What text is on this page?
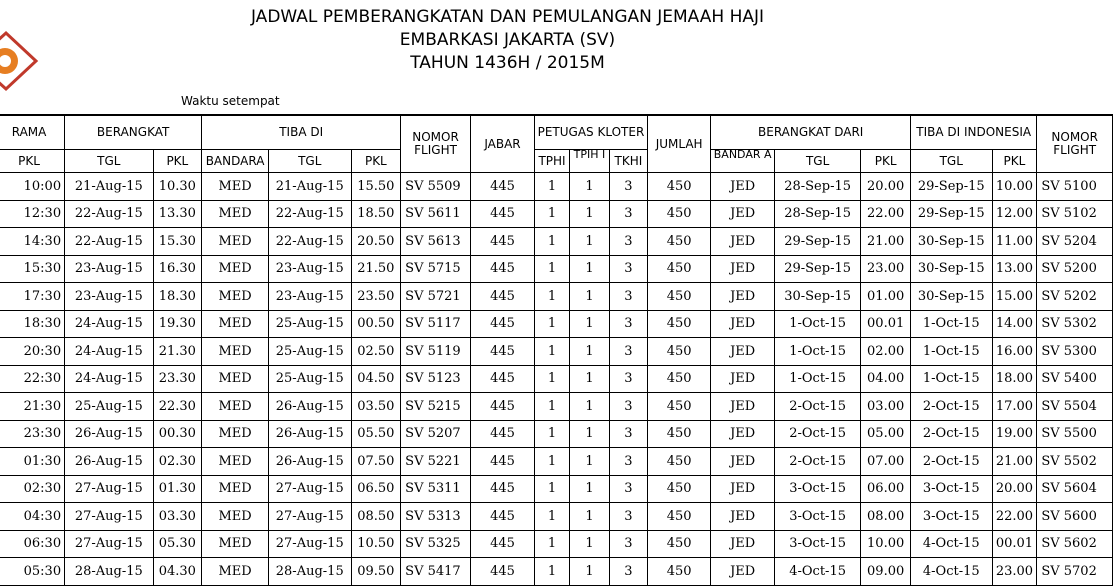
JADWAL PEMBERANGKATAN DAN PEMULANGAN JEMAAH HAJI
EMBARKASI JAKARTA (SV)
TAHUN 1436H / 2015M
Waktu setempat
RAMA	BERANGKAT		TIBA DI			NOMOR FLIGHT	JABAR	PETUGAS KLOTER			JUMLAH	BERANGKAT DARI			TIBA DI INDONESIA		NOMOR FLIGHT
PKL	TGL	PKL	BANDARA	TGL	PKL			TPHI	TPIH I	TKHI		BANDAR A	TGL	PKL	TGL	PKL	
10:00	21-Aug-15	10.30	MED	21-Aug-15	15.50	SV 5509	445	1	1	3	450	JED	28-Sep-15	20.00	29-Sep-15	10.00	SV 5100
12:30	22-Aug-15	13.30	MED	22-Aug-15	18.50	SV 5611	445	1	1	3	450	JED	28-Sep-15	22.00	29-Sep-15	12.00	SV 5102
14:30	22-Aug-15	15.30	MED	22-Aug-15	20.50	SV 5613	445	1	1	3	450	JED	29-Sep-15	21.00	30-Sep-15	11.00	SV 5204
15:30	23-Aug-15	16.30	MED	23-Aug-15	21.50	SV 5715	445	1	1	3	450	JED	29-Sep-15	23.00	30-Sep-15	13.00	SV 5200
17:30	23-Aug-15	18.30	MED	23-Aug-15	23.50	SV 5721	445	1	1	3	450	JED	30-Sep-15	01.00	30-Sep-15	15.00	SV 5202
18:30	24-Aug-15	19.30	MED	25-Aug-15	00.50	SV 5117	445	1	1	3	450	JED	1-Oct-15	00.01	1-Oct-15	14.00	SV 5302
20:30	24-Aug-15	21.30	MED	25-Aug-15	02.50	SV 5119	445	1	1	3	450	JED	1-Oct-15	02.00	1-Oct-15	16.00	SV 5300
22:30	24-Aug-15	23.30	MED	25-Aug-15	04.50	SV 5123	445	1	1	3	450	JED	1-Oct-15	04.00	1-Oct-15	18.00	SV 5400
21:30	25-Aug-15	22.30	MED	26-Aug-15	03.50	SV 5215	445	1	1	3	450	JED	2-Oct-15	03.00	2-Oct-15	17.00	SV 5504
23:30	26-Aug-15	00.30	MED	26-Aug-15	05.50	SV 5207	445	1	1	3	450	JED	2-Oct-15	05.00	2-Oct-15	19.00	SV 5500
01:30	26-Aug-15	02.30	MED	26-Aug-15	07.50	SV 5221	445	1	1	3	450	JED	2-Oct-15	07.00	2-Oct-15	21.00	SV 5502
02:30	27-Aug-15	01.30	MED	27-Aug-15	06.50	SV 5311	445	1	1	3	450	JED	3-Oct-15	06.00	3-Oct-15	20.00	SV 5604
04:30	27-Aug-15	03.30	MED	27-Aug-15	08.50	SV 5313	445	1	1	3	450	JED	3-Oct-15	08.00	3-Oct-15	22.00	SV 5600
06:30	27-Aug-15	05.30	MED	27-Aug-15	10.50	SV 5325	445	1	1	3	450	JED	3-Oct-15	10.00	4-Oct-15	00.01	SV 5602
05:30	28-Aug-15	04.30	MED	28-Aug-15	09.50	SV 5417	445	1	1	3	450	JED	4-Oct-15	09.00	4-Oct-15	23.00	SV 5702
